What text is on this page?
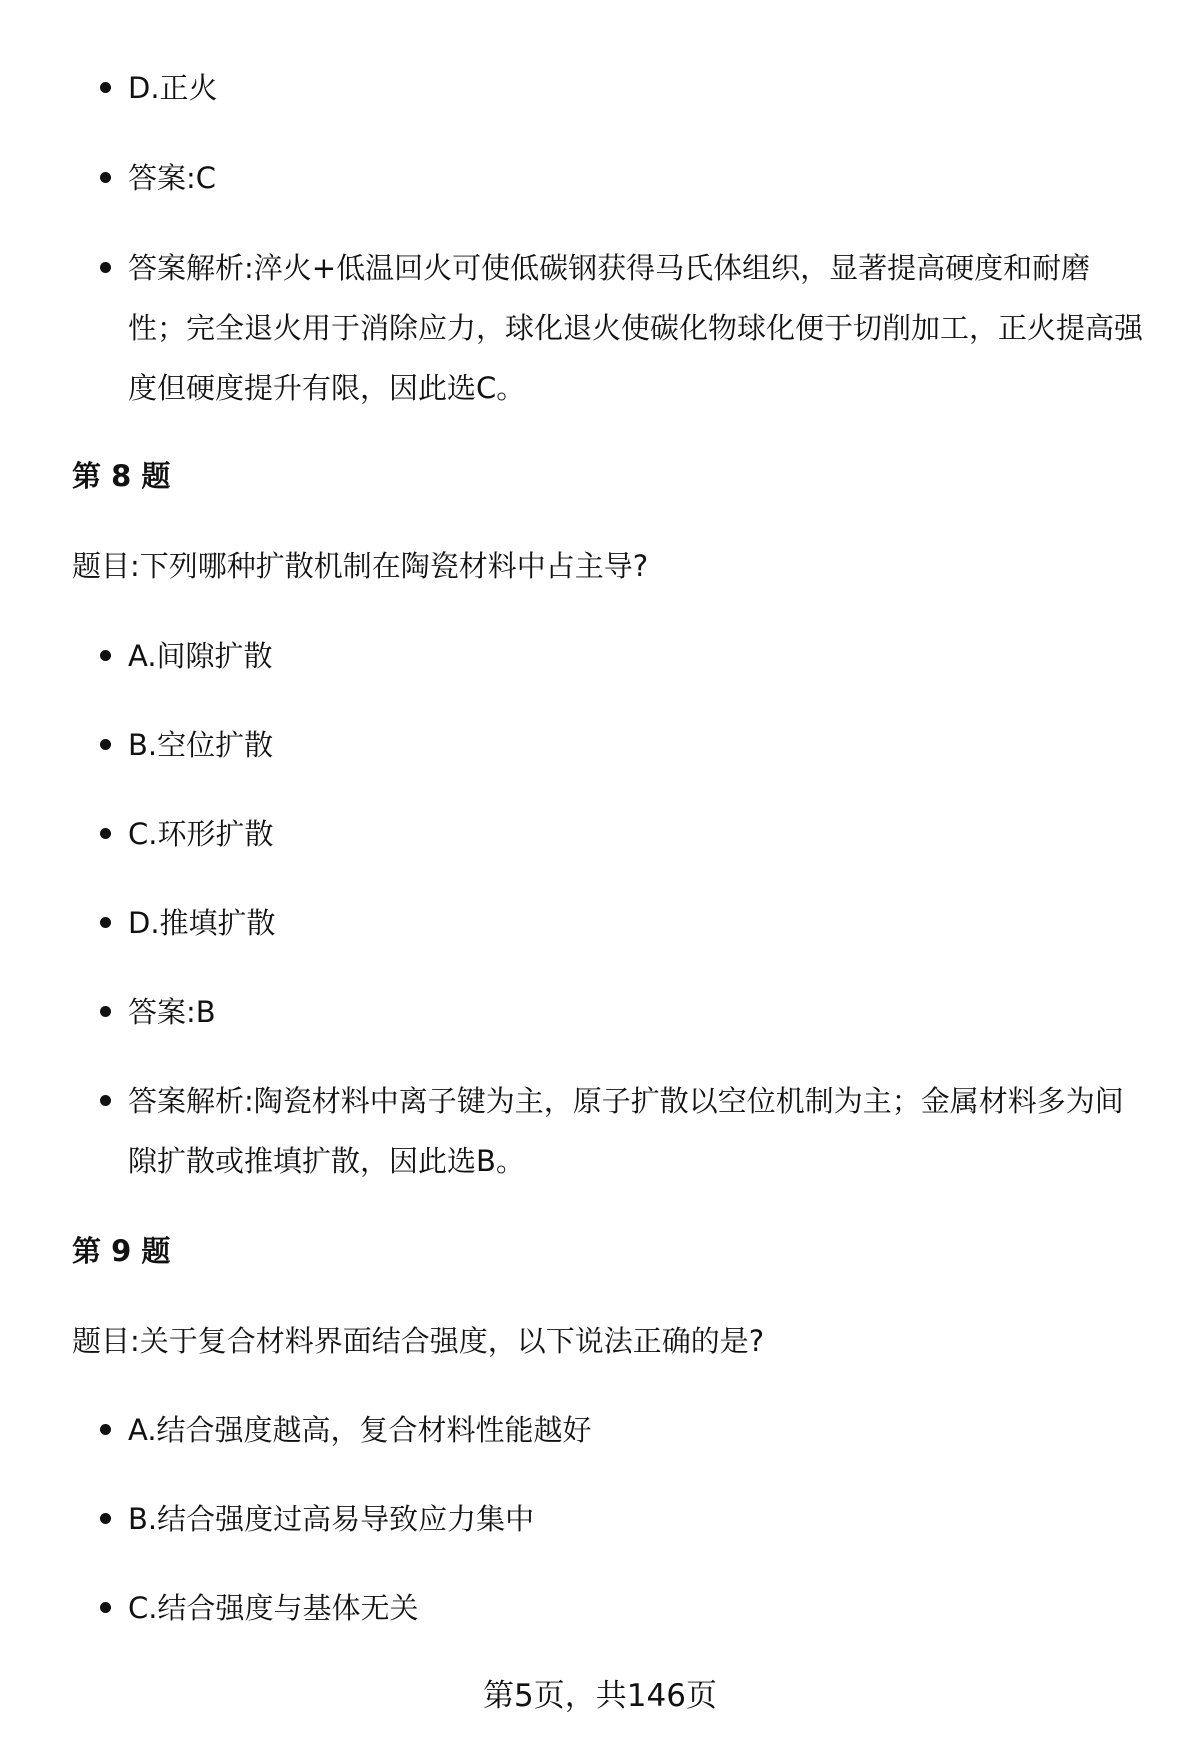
D.正火
答案:C
答案解析:淬火+低温回火可使低碳钢获得马氏体组织，显著提高硬度和耐磨性；完全退火用于消除应力，球化退火使碳化物球化便于切削加工，正火提高强度但硬度提升有限，因此选C。
第 8 题
题目:下列哪种扩散机制在陶瓷材料中占主导?
A.间隙扩散
B.空位扩散
C.环形扩散
D.推填扩散
答案:B
答案解析:陶瓷材料中离子键为主，原子扩散以空位机制为主；金属材料多为间隙扩散或推填扩散，因此选B。
第 9 题
题目:关于复合材料界面结合强度，以下说法正确的是?
A.结合强度越高，复合材料性能越好
B.结合强度过高易导致应力集中
C.结合强度与基体无关
第5页，共146页
